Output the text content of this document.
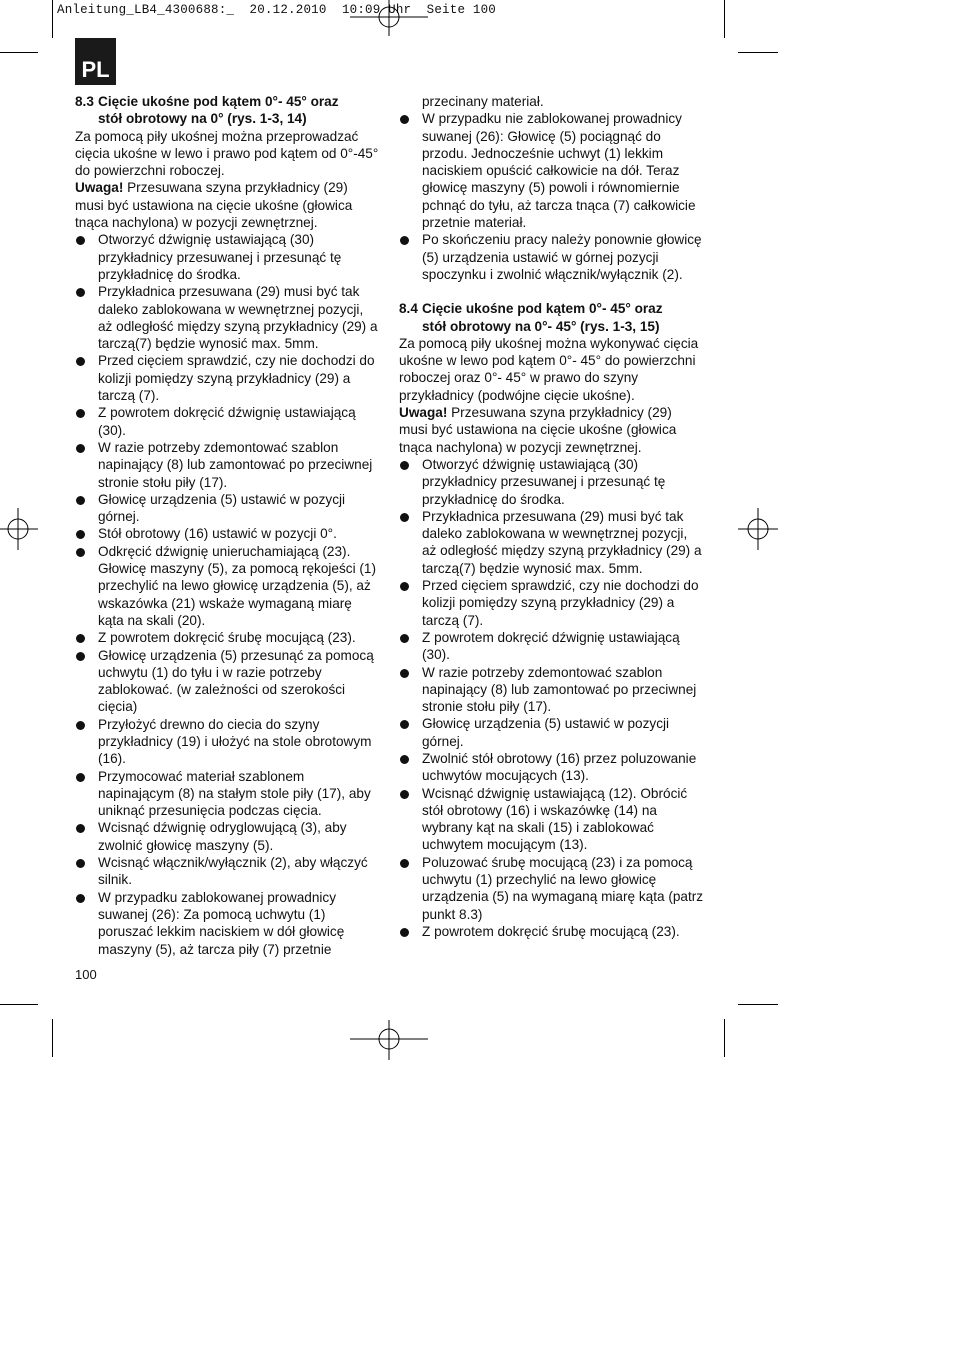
Anleitung_LB4_4300688:_  20.12.2010  10:09 Uhr  Seite 100
PL
8.3 Cięcie ukośne pod kątem 0°- 45° oraz
stół obrotowy na 0° (rys. 1-3, 14)

Za pomocą piły ukośnej można przeprowadzać cięcia ukośne w lewo i prawo pod kątem od 0°-45° do powierzchni roboczej.

Uwaga! Przesuwana szyna przykładnicy (29) musi być ustawiona na cięcie ukośne (głowica tnąca nachylona) w pozycji zewnętrznej.

Otworzyć dźwignię ustawiającą (30) przykładnicy przesuwanej i przesunąć tę przykładnicę do środka.
Przykładnica przesuwana (29) musi być tak daleko zablokowana w wewnętrznej pozycji, aż odległość między szyną przykładnicy (29) a tarczą(7) będzie wynosić max. 5mm.
Przed cięciem sprawdzić, czy nie dochodzi do kolizji pomiędzy szyną przykładnicy (29) a tarczą (7).
Z powrotem dokręcić dźwignię ustawiającą (30).
W razie potrzeby zdemontować szablon napinający (8) lub zamontować po przeciwnej stronie stołu piły (17).
Głowicę urządzenia (5) ustawić w pozycji górnej.
Stół obrotowy (16) ustawić w pozycji 0°.
Odkręcić dźwignię unieruchamiającą (23). Głowicę maszyny (5), za pomocą rękojeści (1) przechylić na lewo głowicę urządzenia (5), aż wskazówka (21) wskaże wymaganą miarę kąta na skali (20).
Z powrotem dokręcić śrubę mocującą (23).
Głowicę urządzenia (5) przesunąć za pomocą uchwytu (1) do tyłu i w razie potrzeby zablokować. (w zależności od szerokości cięcia)
Przyłożyć drewno do ciecia do szyny przykładnicy (19) i ułożyć na stole obrotowym (16).
Przymocować materiał szablonem napinającym (8) na stałym stole piły (17), aby uniknąć przesunięcia podczas cięcia.
Wcisnąć dźwignię odryglowującą (3), aby zwolnić głowicę maszyny (5).
Wcisnąć włącznik/wyłącznik (2), aby włączyć silnik.
W przypadku zablokowanej prowadnicy suwanej (26): Za pomocą uchwytu (1) poruszać lekkim naciskiem w dół głowicę maszyny (5), aż tarcza piły (7) przetnie

przecinany materiał.

W przypadku nie zablokowanej prowadnicy suwanej (26): Głowicę (5) pociągnąć do przodu. Jednocześnie uchwyt (1) lekkim naciskiem opuścić całkowicie na dół. Teraz głowicę maszyny (5) powoli i równomiernie pchnąć do tyłu, aż tarcza tnąca (7) całkowicie przetnie materiał.
Po skończeniu pracy należy ponownie głowicę (5) urządzenia ustawić w górnej pozycji spoczynku i zwolnić włącznik/wyłącznik (2).
8.4 Cięcie ukośne pod kątem 0°- 45° oraz
stół obrotowy na 0°- 45° (rys. 1-3, 15)

Za pomocą piły ukośnej można wykonywać cięcia ukośne w lewo pod kątem 0°- 45° do powierzchni roboczej oraz 0°- 45° w prawo do szyny przykładnicy (podwójne cięcie ukośne).

Uwaga! Przesuwana szyna przykładnicy (29) musi być ustawiona na cięcie ukośne (głowica tnąca nachylona) w pozycji zewnętrznej.

Otworzyć dźwignię ustawiającą (30) przykładnicy przesuwanej i przesunąć tę przykładnicę do środka.
Przykładnica przesuwana (29) musi być tak daleko zablokowana w wewnętrznej pozycji, aż odległość między szyną przykładnicy (29) a tarczą(7) będzie wynosić max. 5mm.
Przed cięciem sprawdzić, czy nie dochodzi do kolizji pomiędzy szyną przykładnicy (29) a tarczą (7).
Z powrotem dokręcić dźwignię ustawiającą (30).
W razie potrzeby zdemontować szablon napinający (8) lub zamontować po przeciwnej stronie stołu piły (17).
Głowicę urządzenia (5) ustawić w pozycji górnej.
Zwolnić stół obrotowy (16) przez poluzowanie uchwytów mocujących (13).
Wcisnąć dźwignię ustawiającą (12). Obrócić stół obrotowy (16) i wskazówkę (14) na wybrany kąt na skali (15) i zablokować uchwytem mocującym (13).
Poluzować śrubę mocującą (23) i za pomocą uchwytu (1) przechylić na lewo głowicę urządzenia (5) na wymaganą miarę kąta (patrz punkt 8.3)
Z powrotem dokręcić śrubę mocującą (23).
100
